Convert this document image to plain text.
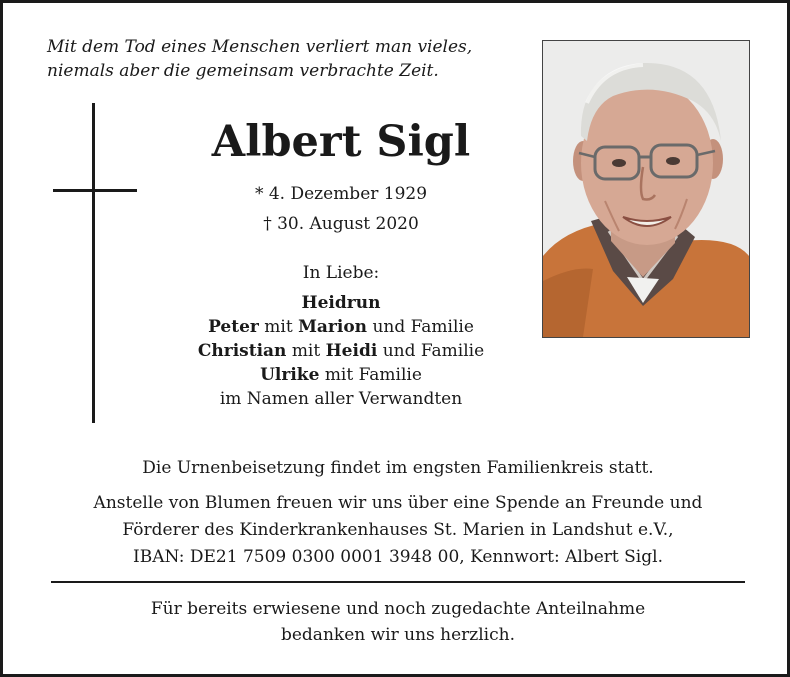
Mit dem Tod eines Menschen verliert man vieles,
niemals aber die gemeinsam verbrachte Zeit.
Albert Sigl
* 4. Dezember 1929
† 30. August 2020
In Liebe:
Heidrun
Peter mit Marion und Familie
Christian mit Heidi und Familie
Ulrike mit Familie
im Namen aller Verwandten
Die Urnenbeisetzung findet im engsten Familienkreis statt.
Anstelle von Blumen freuen wir uns über eine Spende an Freunde und
Förderer des Kinderkrankenhauses St. Marien in Landshut e.V.,
IBAN: DE21 7509 0300 0001 3948 00, Kennwort: Albert Sigl.
Für bereits erwiesene und noch zugedachte Anteilnahme
bedanken wir uns herzlich.
